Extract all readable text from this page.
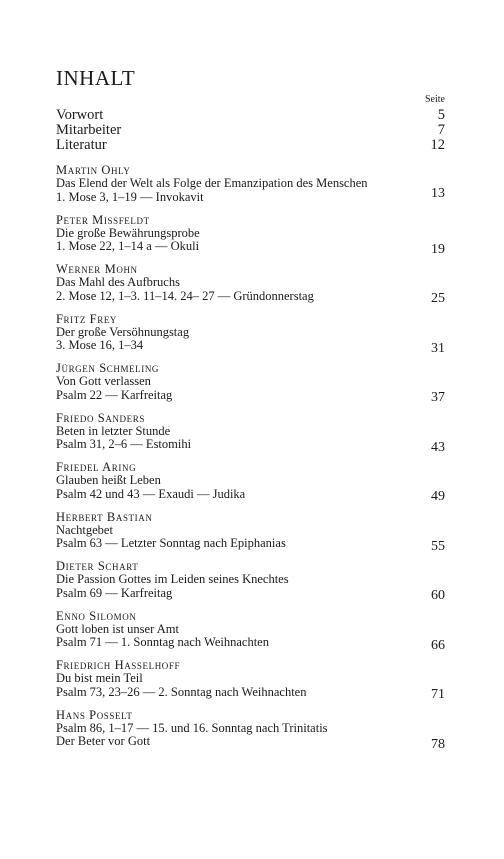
INHALT
Seite
Vorwort	5
Mitarbeiter	7
Literatur	12
Martin Ohly
Das Elend der Welt als Folge der Emanzipation des Menschen
1. Mose 3, 1–19 — Invokavit	13
Peter Missfeldt
Die große Bewährungsprobe
1. Mose 22, 1–14 a — Okuli	19
Werner Mohn
Das Mahl des Aufbruchs
2. Mose 12, 1–3. 11–14. 24– 27 — Gründonnerstag	25
Fritz Frey
Der große Versöhnungstag
3. Mose 16, 1–34	31
Jürgen Schmeling
Von Gott verlassen
Psalm 22 — Karfreitag	37
Friedo Sanders
Beten in letzter Stunde
Psalm 31, 2–6 — Estomihi	43
Friedel Aring
Glauben heißt Leben
Psalm 42 und 43 — Exaudi — Judika	49
Herbert Bastian
Nachtgebet
Psalm 63 — Letzter Sonntag nach Epiphanias	55
Dieter Schart
Die Passion Gottes im Leiden seines Knechtes
Psalm 69 — Karfreitag	60
Enno Silomon
Gott loben ist unser Amt
Psalm 71 — 1. Sonntag nach Weihnachten	66
Friedrich Hasselhoff
Du bist mein Teil
Psalm 73, 23–26 — 2. Sonntag nach Weihnachten	71
Hans Posselt
Psalm 86, 1–17 — 15. und 16. Sonntag nach Trinitatis
Der Beter vor Gott	78
